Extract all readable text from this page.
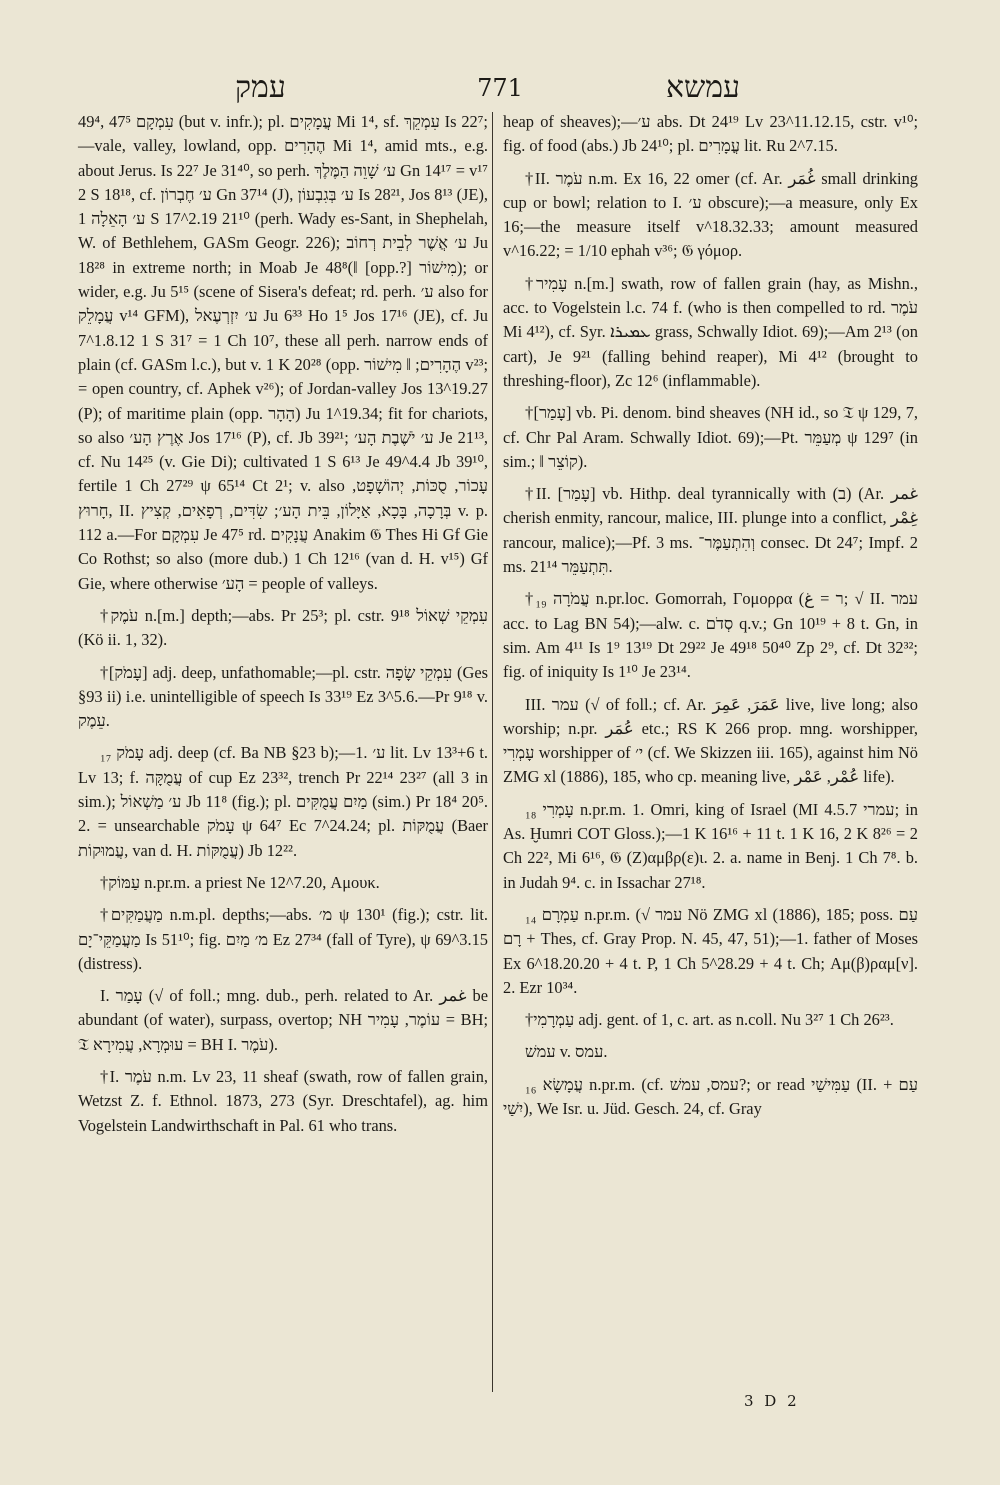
עמק	771	עמשא

49⁴, עִמְקָם 47⁵ (but v. infr.); pl. עֲמָקִים Mi 1⁴, sf. עִמְקֵךְ Is 22⁷;—vale, valley, lowland, opp. הֶהָרִים Mi 1⁴, amid mts., e.g. about Jerus. Is 22⁷ Je 31⁴⁰, so perh. ע׳ שָׁוֵה הַמֶּלֶךְ Gn 14¹⁷ = v¹⁷ 2 S 18¹⁸, cf. ע׳ חֶבְרוֹן Gn 37¹⁴ (J), ע׳ בְּגִבְעוֹן Is 28²¹, Jos 8¹³ (JE), ע׳ הָאֵלָה 1 S 17^2.19 21¹⁰ (perh. Wady es-Sant, in Shephelah, W. of Bethlehem, GASm Geogr. 226); ע׳ אֲשֶׁר לְבֵית רְחוֹב Ju 18²⁸ in extreme north; in Moab Je 48⁸(‖ [opp.?] מִישׁוֹר); or wider, e.g. Ju 5¹⁵ (scene of Sisera's defeat; rd. perh. ע׳ also for עֲמָלֵק v¹⁴ GFM), ע׳ יִזְרְעֶאל Ju 6³³ Ho 1⁵ Jos 17¹⁶ (JE), cf. Ju 7^1.8.12 1 S 31⁷ = 1 Ch 10⁷, these all perh. narrow ends of plain (cf. GASm l.c.), but v. 1 K 20²⁸ (opp. הֶהָרִים; ‖ מִישׁוֹר v²³; = open country, cf. Aphek v²⁶); of Jordan-valley Jos 13^19.27 (P); of maritime plain (opp. הָהָר) Ju 1^19.34; fit for chariots, so also אֶרֶץ הָע׳ Jos 17¹⁶ (P), cf. Jb 39²¹; ע׳ יֹשֶׁבֶת הָע׳ Je 21¹³, cf. Nu 14²⁵ (v. Gie Di); cultivated 1 S 6¹³ Je 49^4.4 Jb 39¹⁰, fertile 1 Ch 27²⁹ ψ 65¹⁴ Ct 2¹; v. also עָכוֹר, סֻכּוֹת, יְהוֹשָׁפָט, חָרוּץ, II. בְּרָכָה, בָּכָא, אַיָּלוֹן, בֵּית הָע׳; שִׂדִּים, רְפָאִים, קְצִיץ v. p. 112 a.—For עִמְקָם Je 47⁵ rd. עֲנָקִים Anakim 𝔊 Thes Hi Gf Gie Co Rothst; so also (more dub.) 1 Ch 12¹⁶ (van d. H. v¹⁵) Gf Gie, where otherwise הָע׳ = people of valleys.

†עֹמֶק n.[m.] depth;—abs. Pr 25³; pl. cstr. עִמְקֵי שְׁאוֹל 9¹⁸ (Kö ii. 1, 32).

†[עָמֹק] adj. deep, unfathomable;—pl. cstr. עִמְקֵי שָׂפָה (Ges §93 ii) i.e. unintelligible of speech Is 33¹⁹ Ez 3^5.6.—Pr 9¹⁸ v. עֵמֶק.

עָמֹק ₁₇ adj. deep (cf. Ba NB §23 b);—1. ע׳ lit. Lv 13³+6 t. Lv 13; f. עֲמֻקָּה of cup Ez 23³², trench Pr 22¹⁴ 23²⁷ (all 3 in sim.); ע׳ מַשְׁאוֹל Jb 11⁸ (fig.); pl. מַיִם עֲמֻקִּים (sim.) Pr 18⁴ 20⁵. 2. = unsearchable עָמֹק ψ 64⁷ Ec 7^24.24; pl. עֲמֻקּוֹת (Baer עֲמוּקוֹת, van d. H. עֲמֻקּוֹת) Jb 12²².

†עַמּוֹק n.pr.m. a priest Ne 12^7.20, Αμουκ.

†מַעֲמַקִּים n.m.pl. depths;—abs. מ׳ ψ 130¹ (fig.); cstr. lit. מַעֲמַקֵּי־יָם Is 51¹⁰; fig. מ׳ מַיִם Ez 27³⁴ (fall of Tyre), ψ 69^3.15 (distress).

I. עָמַר (√ of foll.; mng. dub., perh. related to Ar. غمر be abundant (of water), surpass, overtop; NH עוֹמֶר, עָמִיר = BH; 𝔗 עוּמְרָא, עֲמִירָא = BH I. עֹמֶר).

†I. עֹמֶר n.m. Lv 23, 11 sheaf (swath, row of fallen grain, Wetzst Z. f. Ethnol. 1873, 273 (Syr. Dreschtafel), ag. him Vogelstein Landwirthschaft in Pal. 61 who trans.

heap of sheaves);—ע׳ abs. Dt 24¹⁹ Lv 23^11.12.15, cstr. v¹⁰; fig. of food (abs.) Jb 24¹⁰; pl. עֳמָרִים lit. Ru 2^7.15.

†II. עֹמֶר n.m. Ex 16, 22 omer (cf. Ar. غُمَر small drinking cup or bowl; relation to I. ע׳ obscure);—a measure, only Ex 16;—the measure itself v^18.32.33; amount measured v^16.22; = 1/10 ephah v³⁶; 𝔊 γόμορ.

†עָמִיר n.[m.] swath, row of fallen grain (hay, as Mishn., acc. to Vogelstein l.c. 74 f. (who is then compelled to rd. עֹמֶר Mi 4¹²), cf. Syr. ܥܡܝܪܐ grass, Schwally Idiot. 69);—Am 2¹³ (on cart), Je 9²¹ (falling behind reaper), Mi 4¹² (brought to threshing-floor), Zc 12⁶ (inflammable).

†[עָמַר] vb. Pi. denom. bind sheaves (NH id., so 𝔗 ψ 129, 7, cf. Chr Pal Aram. Schwally Idiot. 69);—Pt. מְעַמֵּר ψ 129⁷ (in sim.; ‖ קוֹצֵר).

†II. [עָמַר] vb. Hithp. deal tyrannically with (ב) (Ar. غمر cherish enmity, rancour, malice, III. plunge into a conflict, غِمْر rancour, malice);—Pf. 3 ms. וְהִתְעַמֶּר־ consec. Dt 24⁷; Impf. 2 ms. תִּתְעַמֵּר 21¹⁴.

†עֲמֹרָה ₁₉ n.pr.loc. Gomorrah, Γομορρα (ר = غ; √ II. עמר acc. to Lag BN 54);—alw. c. סְדֹם q.v.; Gn 10¹⁹ + 8 t. Gn, in sim. Am 4¹¹ Is 1⁹ 13¹⁹ Dt 29²² Je 49¹⁸ 50⁴⁰ Zp 2⁹, cf. Dt 32³²; fig. of iniquity Is 1¹⁰ Je 23¹⁴.

III. עמר (√ of foll.; cf. Ar. عَمَرَ, عَمِرَ live, live long; also worship; n.pr. عُمَر etc.; RS K 266 prop. mng. worshipper, עָמְרִי worshipper of י׳ (cf. We Skizzen iii. 165), against him Nö ZMG xl (1886), 185, who cp. meaning live, عُمْر, عَمْر life).

עָמְרִי ₁₈ n.pr.m. 1. Omri, king of Israel (MI 4.5.7 עמרי; in As. Ḫumri COT Gloss.);—1 K 16¹⁶ + 11 t. 1 K 16, 2 K 8²⁶ = 2 Ch 22², Mi 6¹⁶, 𝔊 (Ζ)αμβρ(ε)ι. 2. a. name in Benj. 1 Ch 7⁸. b. in Judah 9⁴. c. in Issachar 27¹⁸.

עַמְרָם ₁₄ n.pr.m. (√ עמר Nö ZMG xl (1886), 185; poss. עַם + רָם Thes, cf. Gray Prop. N. 45, 47, 51);—1. father of Moses Ex 6^18.20.20 + 4 t. P, 1 Ch 5^28.29 + 4 t. Ch; Αμ(β)ραμ[ν]. 2. Ezr 10³⁴.

†עַמְרָמִי adj. gent. of 1, c. art. as n.coll. Nu 3²⁷ 1 Ch 26²³.

עמשׁ v. עמס.

עֲמָשָׂא ₁₆ n.pr.m. (cf. עמס, עמשׁ?; or read עַמִּישַׁי (II. עַם + יִשַׁי), We Isr. u. Jüd. Gesch. 24, cf. Gray

3 D 2
